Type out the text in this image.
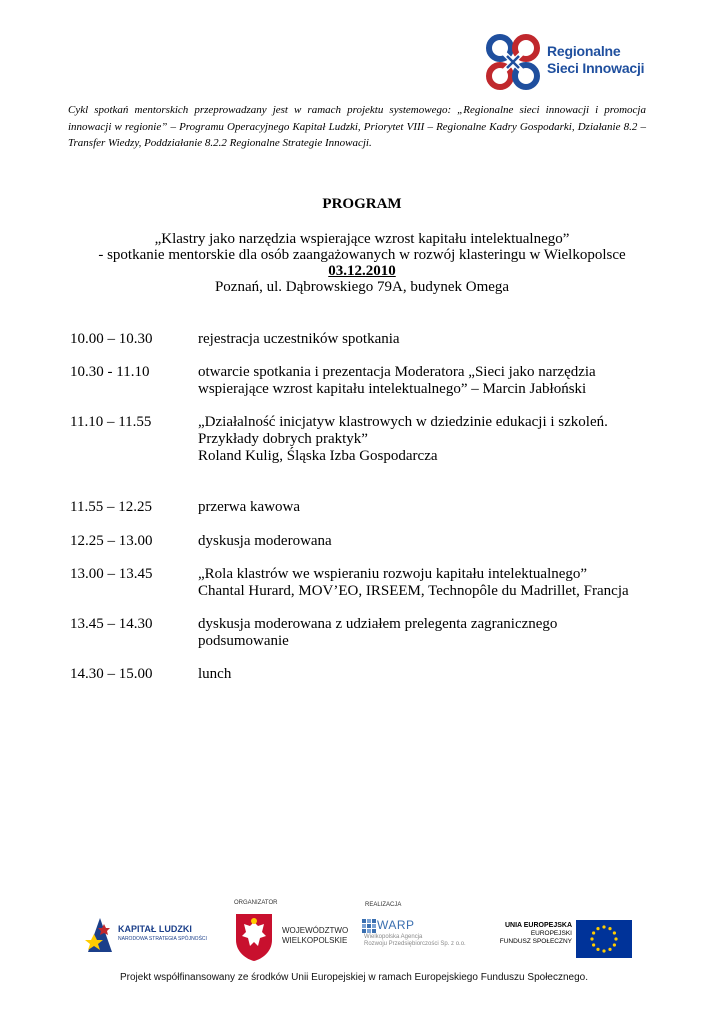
Regionalne
Sieci Innowacji
Cykl spotkań mentorskich przeprowadzany jest w ramach projektu systemowego: „Regionalne sieci innowacji i promocja innowacji w regionie” – Programu Operacyjnego Kapitał Ludzki, Priorytet VIII – Regionalne Kadry Gospodarki, Działanie 8.2 – Transfer Wiedzy, Poddziałanie 8.2.2 Regionalne Strategie Innowacji.
PROGRAM
„Klastry jako narzędzia wspierające wzrost kapitału intelektualnego”
- spotkanie mentorskie dla osób zaangażowanych w rozwój klasteringu w Wielkopolsce
03.12.2010
Poznań, ul. Dąbrowskiego 79A, budynek Omega
10.00 – 10.30	rejestracja uczestników spotkania
10.30 - 11.10	otwarcie spotkania i prezentacja Moderatora „Sieci jako narzędzia
wspierające wzrost kapitału intelektualnego” – Marcin Jabłoński
11.10 – 11.55	„Działalność inicjatyw klastrowych w dziedzinie edukacji i szkoleń.
Przykłady dobrych praktyk”
Roland Kulig, Śląska Izba Gospodarcza
11.55 – 12.25	przerwa kawowa
12.25 – 13.00	dyskusja moderowana
13.00 – 13.45	„Rola klastrów we wspieraniu rozwoju kapitału intelektualnego”
Chantal Hurard, MOV’EO, IRSEEM, Technopôle du Madrillet, Francja
13.45 – 14.30	dyskusja moderowana z udziałem prelegenta zagranicznego
podsumowanie
14.30 – 15.00	lunch
KAPITAŁ LUDZKI
NARODOWA STRATEGIA SPÓJNOŚCI
ORGANIZATOR
WOJEWÓDZTWO
WIELKOPOLSKIE
REALIZACJA
WARP
Wielkopolska Agencja
Rozwoju Przedsiębiorczości Sp. z o.o.
UNIA EUROPEJSKA
EUROPEJSKI
FUNDUSZ SPOŁECZNY
Projekt współfinansowany ze środków Unii Europejskiej w ramach Europejskiego Funduszu Społecznego.
